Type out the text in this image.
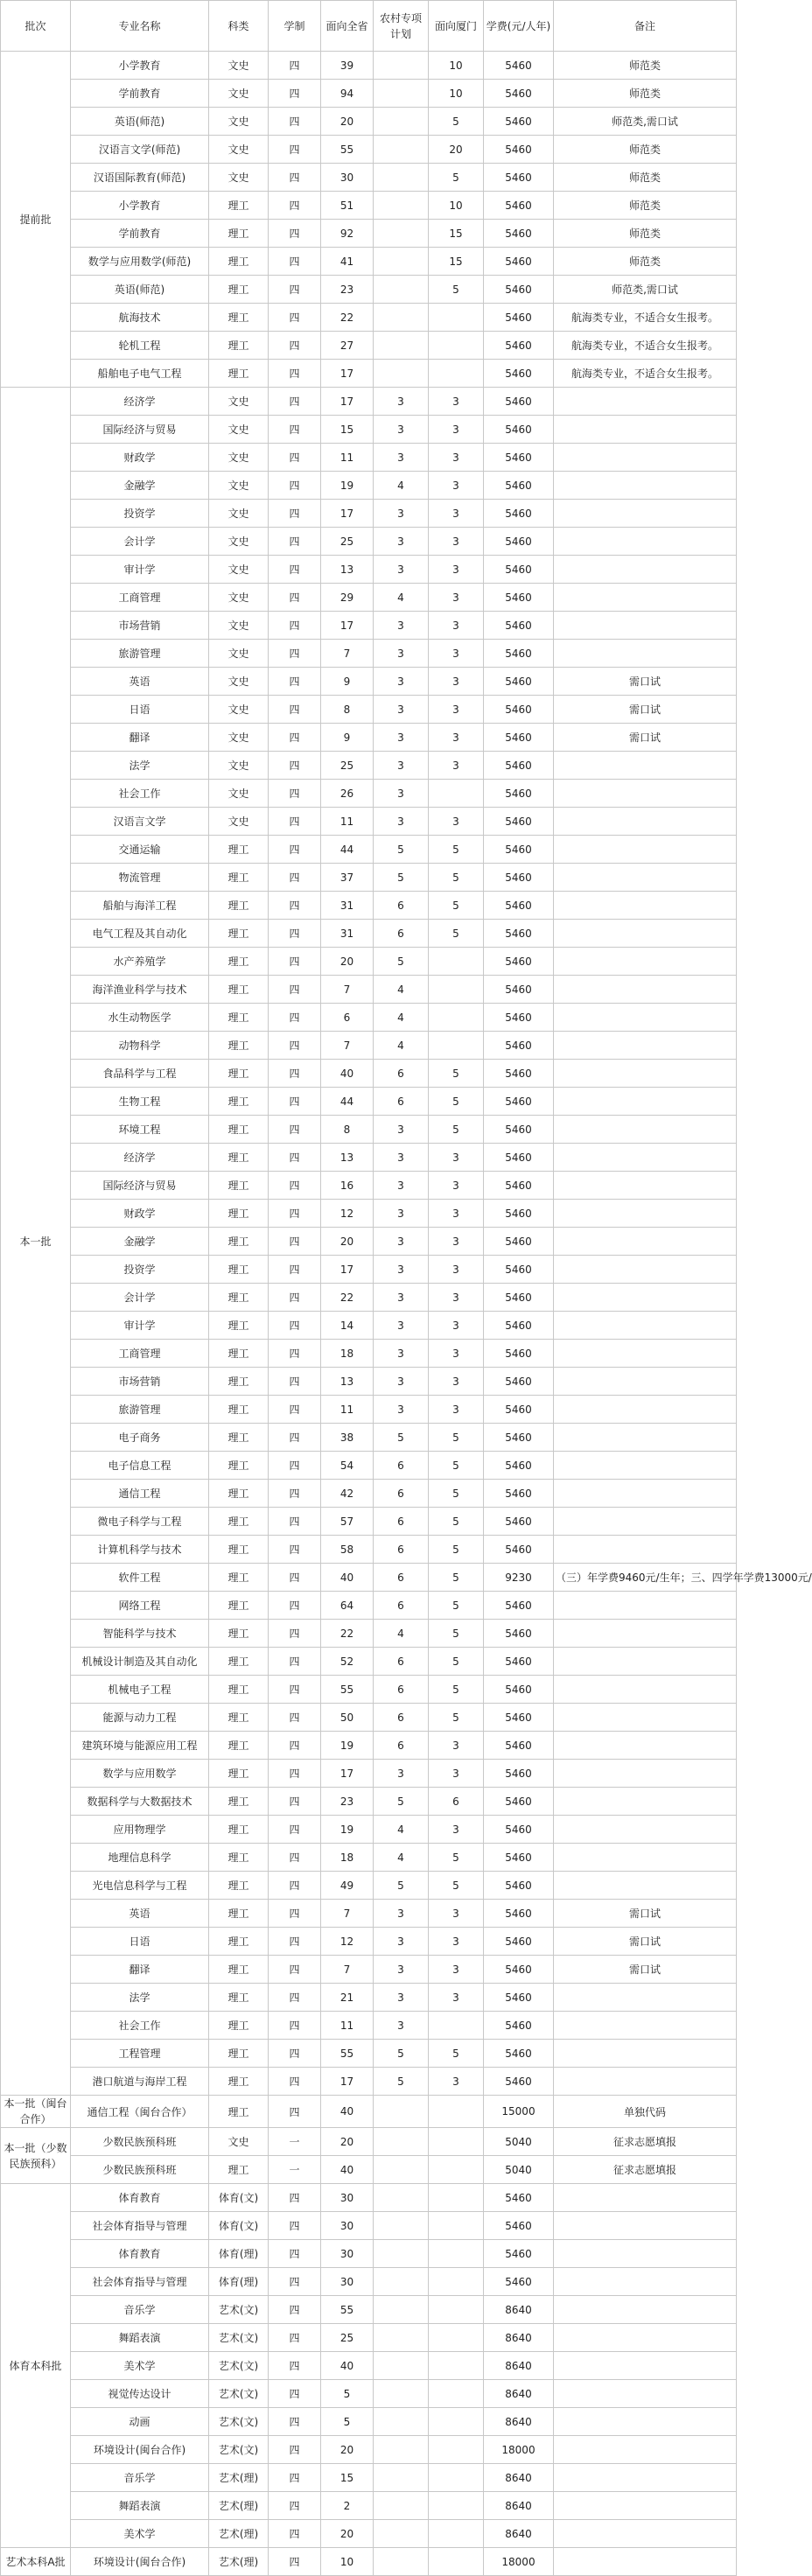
批次	专业名称	科类	学制	面向全省	农村专项计划	面向厦门	学费(元/人年)	备注
提前批	小学教育	文史	四	39		10	5460	师范类
	学前教育	文史	四	94		10	5460	师范类
	英语(师范)	文史	四	20		5	5460	师范类,需口试
	汉语言文学(师范)	文史	四	55		20	5460	师范类
	汉语国际教育(师范)	文史	四	30		5	5460	师范类
	小学教育	理工	四	51		10	5460	师范类
	学前教育	理工	四	92		15	5460	师范类
	数学与应用数学(师范)	理工	四	41		15	5460	师范类
	英语(师范)	理工	四	23		5	5460	师范类,需口试
	航海技术	理工	四	22			5460	航海类专业，不适合女生报考。
	轮机工程	理工	四	27			5460	航海类专业，不适合女生报考。
	船舶电子电气工程	理工	四	17			5460	航海类专业，不适合女生报考。
本一批	经济学	文史	四	17	3	3	5460	
	国际经济与贸易	文史	四	15	3	3	5460	
	财政学	文史	四	11	3	3	5460	
	金融学	文史	四	19	4	3	5460	
	投资学	文史	四	17	3	3	5460	
	会计学	文史	四	25	3	3	5460	
	审计学	文史	四	13	3	3	5460	
	工商管理	文史	四	29	4	3	5460	
	市场营销	文史	四	17	3	3	5460	
	旅游管理	文史	四	7	3	3	5460	
	英语	文史	四	9	3	3	5460	需口试
	日语	文史	四	8	3	3	5460	需口试
	翻译	文史	四	9	3	3	5460	需口试
	法学	文史	四	25	3	3	5460	
	社会工作	文史	四	26	3		5460	
	汉语言文学	文史	四	11	3	3	5460	
	交通运输	理工	四	44	5	5	5460	
	物流管理	理工	四	37	5	5	5460	
	船舶与海洋工程	理工	四	31	6	5	5460	
	电气工程及其自动化	理工	四	31	6	5	5460	
	水产养殖学	理工	四	20	5		5460	
	海洋渔业科学与技术	理工	四	7	4		5460	
	水生动物医学	理工	四	6	4		5460	
	动物科学	理工	四	7	4		5460	
	食品科学与工程	理工	四	40	6	5	5460	
	生物工程	理工	四	44	6	5	5460	
	环境工程	理工	四	8	3	5	5460	
	经济学	理工	四	13	3	3	5460	
	国际经济与贸易	理工	四	16	3	3	5460	
	财政学	理工	四	12	3	3	5460	
	金融学	理工	四	20	3	3	5460	
	投资学	理工	四	17	3	3	5460	
	会计学	理工	四	22	3	3	5460	
	审计学	理工	四	14	3	3	5460	
	工商管理	理工	四	18	3	3	5460	
	市场营销	理工	四	13	3	3	5460	
	旅游管理	理工	四	11	3	3	5460	
	电子商务	理工	四	38	5	5	5460	
	电子信息工程	理工	四	54	6	5	5460	
	通信工程	理工	四	42	6	5	5460	
	微电子科学与工程	理工	四	57	6	5	5460	
	计算机科学与技术	理工	四	58	6	5	5460	
	软件工程	理工	四	40	6	5	9230	（三）年学费9460元/生年；三、四学年学费13000元/
	网络工程	理工	四	64	6	5	5460	
	智能科学与技术	理工	四	22	4	5	5460	
	机械设计制造及其自动化	理工	四	52	6	5	5460	
	机械电子工程	理工	四	55	6	5	5460	
	能源与动力工程	理工	四	50	6	5	5460	
	建筑环境与能源应用工程	理工	四	19	6	3	5460	
	数学与应用数学	理工	四	17	3	3	5460	
	数据科学与大数据技术	理工	四	23	5	6	5460	
	应用物理学	理工	四	19	4	3	5460	
	地理信息科学	理工	四	18	4	5	5460	
	光电信息科学与工程	理工	四	49	5	5	5460	
	英语	理工	四	7	3	3	5460	需口试
	日语	理工	四	12	3	3	5460	需口试
	翻译	理工	四	7	3	3	5460	需口试
	法学	理工	四	21	3	3	5460	
	社会工作	理工	四	11	3		5460	
	工程管理	理工	四	55	5	5	5460	
	港口航道与海岸工程	理工	四	17	5	3	5460	
本一批（闽台合作）	通信工程（闽台合作）	理工	四	40			15000	单独代码
本一批（少数民族预科）	少数民族预科班	文史	一	20			5040	征求志愿填报
	少数民族预科班	理工	一	40			5040	征求志愿填报
体育本科批	体育教育	体育(文)	四	30			5460	
	社会体育指导与管理	体育(文)	四	30			5460	
	体育教育	体育(理)	四	30			5460	
	社会体育指导与管理	体育(理)	四	30			5460	
	音乐学	艺术(文)	四	55			8640	
	舞蹈表演	艺术(文)	四	25			8640	
	美术学	艺术(文)	四	40			8640	
	视觉传达设计	艺术(文)	四	5			8640	
	动画	艺术(文)	四	5			8640	
	环境设计(闽台合作)	艺术(文)	四	20			18000	
	音乐学	艺术(理)	四	15			8640	
	舞蹈表演	艺术(理)	四	2			8640	
	美术学	艺术(理)	四	20			8640	
艺术本科A批	环境设计(闽台合作)	艺术(理)	四	10			18000	
